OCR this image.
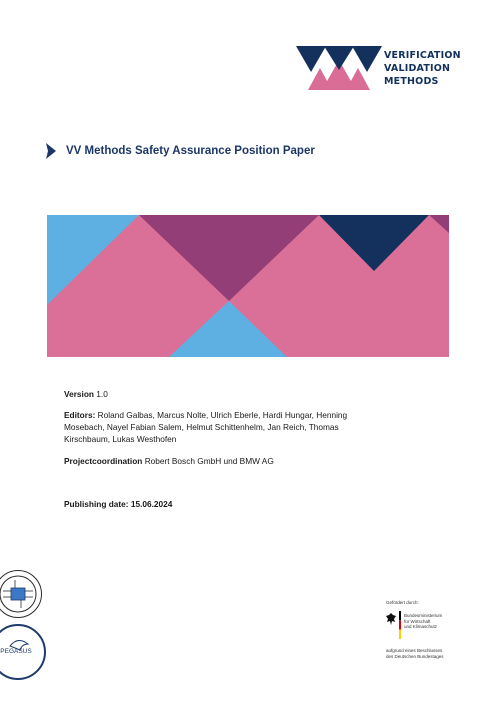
VERIFICATION
VALIDATION
METHODS
VV Methods Safety Assurance Position Paper
Version 1.0
Editors: Roland Galbas, Marcus Nolte, Ulrich Eberle, Hardi Hungar, Henning Mosebach, Nayel Fabian Salem, Helmut Schittenhelm, Jan Reich, Thomas Kirschbaum, Lukas Westhofen
Projectcoordination Robert Bosch GmbH und BMW AG
Publishing date: 15.06.2024
PEGASUS
Gefördert durch:
Bundesministerium
für Wirtschaft
und Klimaschutz
aufgrund eines Beschlusses
des Deutschen Bundestages
